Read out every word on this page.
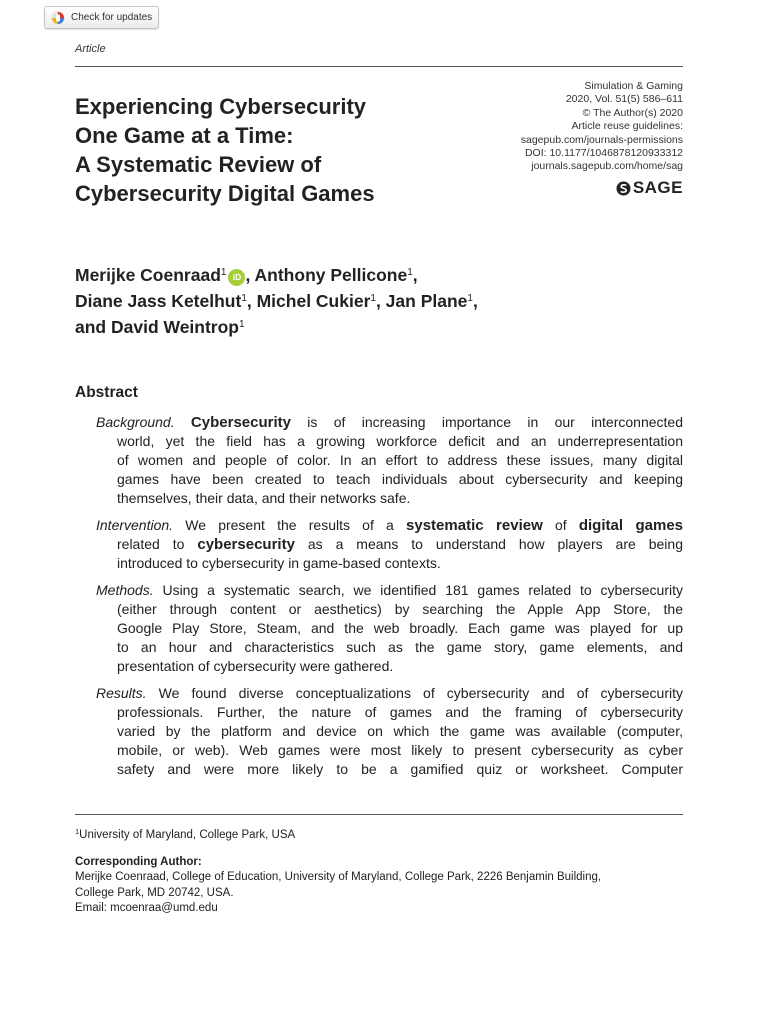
Check for updates
Article
Experiencing Cybersecurity
One Game at a Time:
A Systematic Review of
Cybersecurity Digital Games
Simulation & Gaming
2020, Vol. 51(5) 586–611
© The Author(s) 2020
Article reuse guidelines:
sagepub.com/journals-permissions
DOI: 10.1177/1046878120933312
journals.sagepub.com/home/sag
SAGE
Merijke Coenraad$^1$ iD , Anthony Pellicone$^1$,
Diane Jass Ketelhut$^1$, Michel Cukier$^1$, Jan Plane$^1$,
and David Weintrop$^1$
Abstract
Background. Cybersecurity is of increasing importance in our interconnected
world, yet the field has a growing workforce deficit and an underrepresentation
of women and people of color. In an effort to address these issues, many digital
games have been created to teach individuals about cybersecurity and keeping
themselves, their data, and their networks safe.
Intervention. We present the results of a systematic review of digital games
related to cybersecurity as a means to understand how players are being
introduced to cybersecurity in game-based contexts.
Methods. Using a systematic search, we identified 181 games related to cybersecurity
(either through content or aesthetics) by searching the Apple App Store, the
Google Play Store, Steam, and the web broadly. Each game was played for up
to an hour and characteristics such as the game story, game elements, and
presentation of cybersecurity were gathered.
Results. We found diverse conceptualizations of cybersecurity and of cybersecurity
professionals. Further, the nature of games and the framing of cybersecurity
varied by the platform and device on which the game was available (computer,
mobile, or web). Web games were most likely to present cybersecurity as cyber
safety and were more likely to be a gamified quiz or worksheet. Computer
$^1$University of Maryland, College Park, USA
Corresponding Author:
Merijke Coenraad, College of Education, University of Maryland, College Park, 2226 Benjamin Building,
College Park, MD 20742, USA.
Email: mcoenraa@umd.edu
